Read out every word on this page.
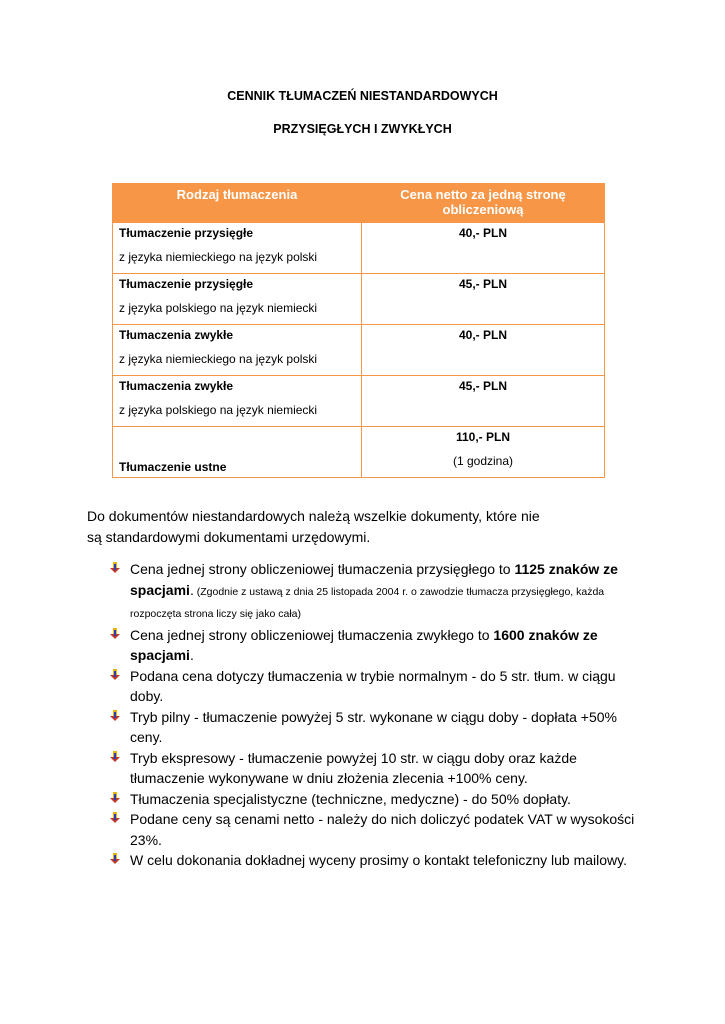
CENNIK TŁUMACZEŃ NIESTANDARDOWYCH
PRZYSIĘGŁYCH I ZWYKŁYCH
Rodzaj tłumaczenia	Cena netto za jedną stronę obliczeniową

Tłumaczenie przysięgłe
z języka niemieckiego na język polski	40,- PLN

Tłumaczenie przysięgłe
z języka polskiego na język niemiecki	45,- PLN

Tłumaczenia zwykłe
z języka niemieckiego na język polski	40,- PLN

Tłumaczenia zwykłe
z języka polskiego na język niemiecki	45,- PLN
Tłumaczenie ustne	110,- PLN
(1 godzina)
Do dokumentów niestandardowych należą wszelkie dokumenty, które nie są standardowymi dokumentami urzędowymi.
Cena jednej strony obliczeniowej tłumaczenia przysięgłego to 1125 znaków ze spacjami. (Zgodnie z ustawą z dnia 25 listopada 2004 r. o zawodzie tłumacza przysięgłego, każda rozpoczęta strona liczy się jako cała)
Cena jednej strony obliczeniowej tłumaczenia zwykłego to 1600 znaków ze spacjami.
Podana cena dotyczy tłumaczenia w trybie normalnym - do 5 str. tłum. w ciągu doby.
Tryb pilny - tłumaczenie powyżej 5 str. wykonane w ciągu doby - dopłata +50% ceny.
Tryb ekspresowy - tłumaczenie powyżej 10 str. w ciągu doby oraz każde tłumaczenie wykonywane w dniu złożenia zlecenia +100% ceny.
Tłumaczenia specjalistyczne (techniczne, medyczne) - do 50% dopłaty.
Podane ceny są cenami netto - należy do nich doliczyć podatek VAT w wysokości 23%.
W celu dokonania dokładnej wyceny prosimy o kontakt telefoniczny lub mailowy.
